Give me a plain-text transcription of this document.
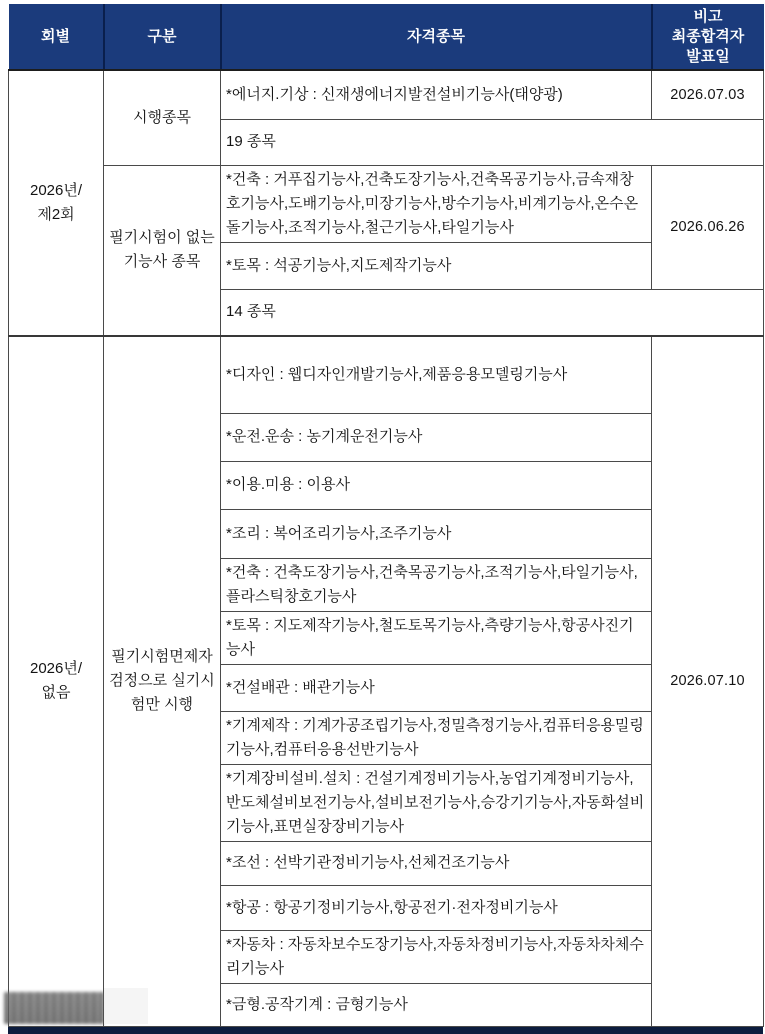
회별	구분	자격종목	비고
최종합격자
발표일

2026년/
제2회	시행종목	*에너지.기상 : 신재생에너지발전설비기능사(태양광)	2026.07.03
		19 종목	
	필기시험이 없는 기능사 종목	*건축 : 거푸집기능사,건축도장기능사,건축목공기능사,금속재창호기능사,도배기능사,미장기능사,방수기능사,비계기능사,온수온돌기능사,조적기능사,철근기능사,타일기능사	2026.06.26
		*토목 : 석공기능사,지도제작기능사	
		14 종목	

2026년/
없음	필기시험면제자 검정으로 실기시험만 시행	*디자인 : 웹디자인개발기능사,제품응용모델링기능사	2026.07.10
		*운전.운송 : 농기계운전기능사	
		*이용.미용 : 이용사	
		*조리 : 복어조리기능사,조주기능사	
		*건축 : 건축도장기능사,건축목공기능사,조적기능사,타일기능사,플라스틱창호기능사	
		*토목 : 지도제작기능사,철도토목기능사,측량기능사,항공사진기능사	
		*건설배관 : 배관기능사	
		*기계제작 : 기계가공조립기능사,정밀측정기능사,컴퓨터응용밀링기능사,컴퓨터응용선반기능사	
		*기계장비설비.설치 : 건설기계정비기능사,농업기계정비기능사,반도체설비보전기능사,설비보전기능사,승강기기능사,자동화설비기능사,표면실장장비기능사	
		*조선 : 선박기관정비기능사,선체건조기능사	
		*항공 : 항공기정비기능사,항공전기·전자정비기능사	
		*자동차 : 자동차보수도장기능사,자동차정비기능사,자동차차체수리기능사	
		*금형.공작기계 : 금형기능사	
